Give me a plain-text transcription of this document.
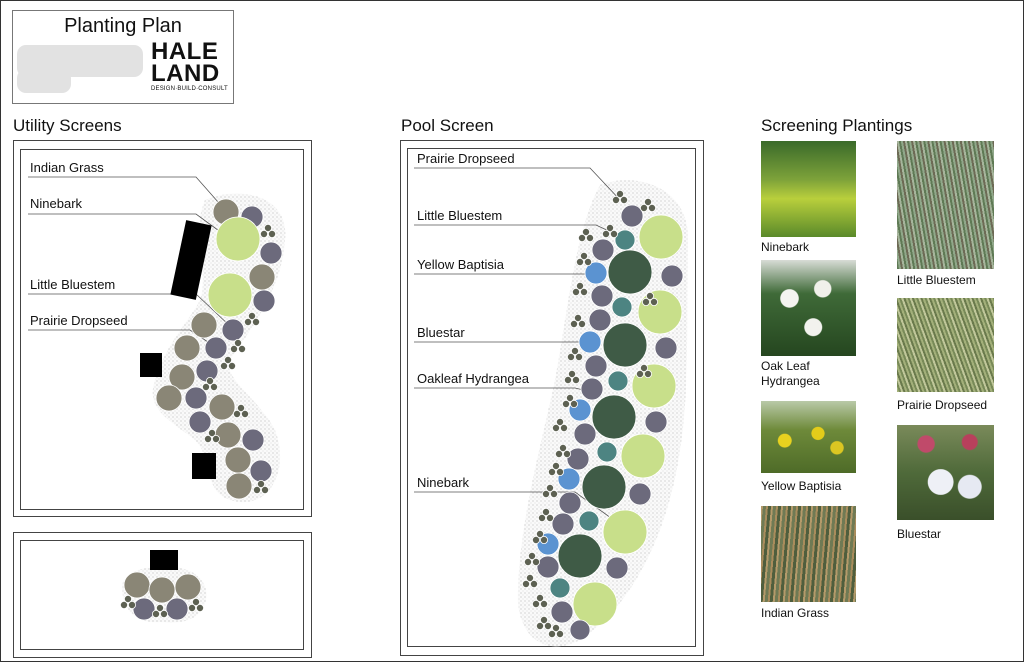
Planting Plan
HALE
LAND
DESIGN·BUILD·CONSULT
Utility Screens	Pool Screen	Screening Plantings
Indian Grass
Ninebark
Little Bluestem
Prairie Dropseed
Prairie Dropseed
Little Bluestem
Yellow Baptisia
Bluestar
Oakleaf Hydrangea
Ninebark
Ninebark
Oak Leaf
Hydrangea
Yellow Baptisia
Indian Grass
Little Bluestem
Prairie Dropseed
Bluestar
